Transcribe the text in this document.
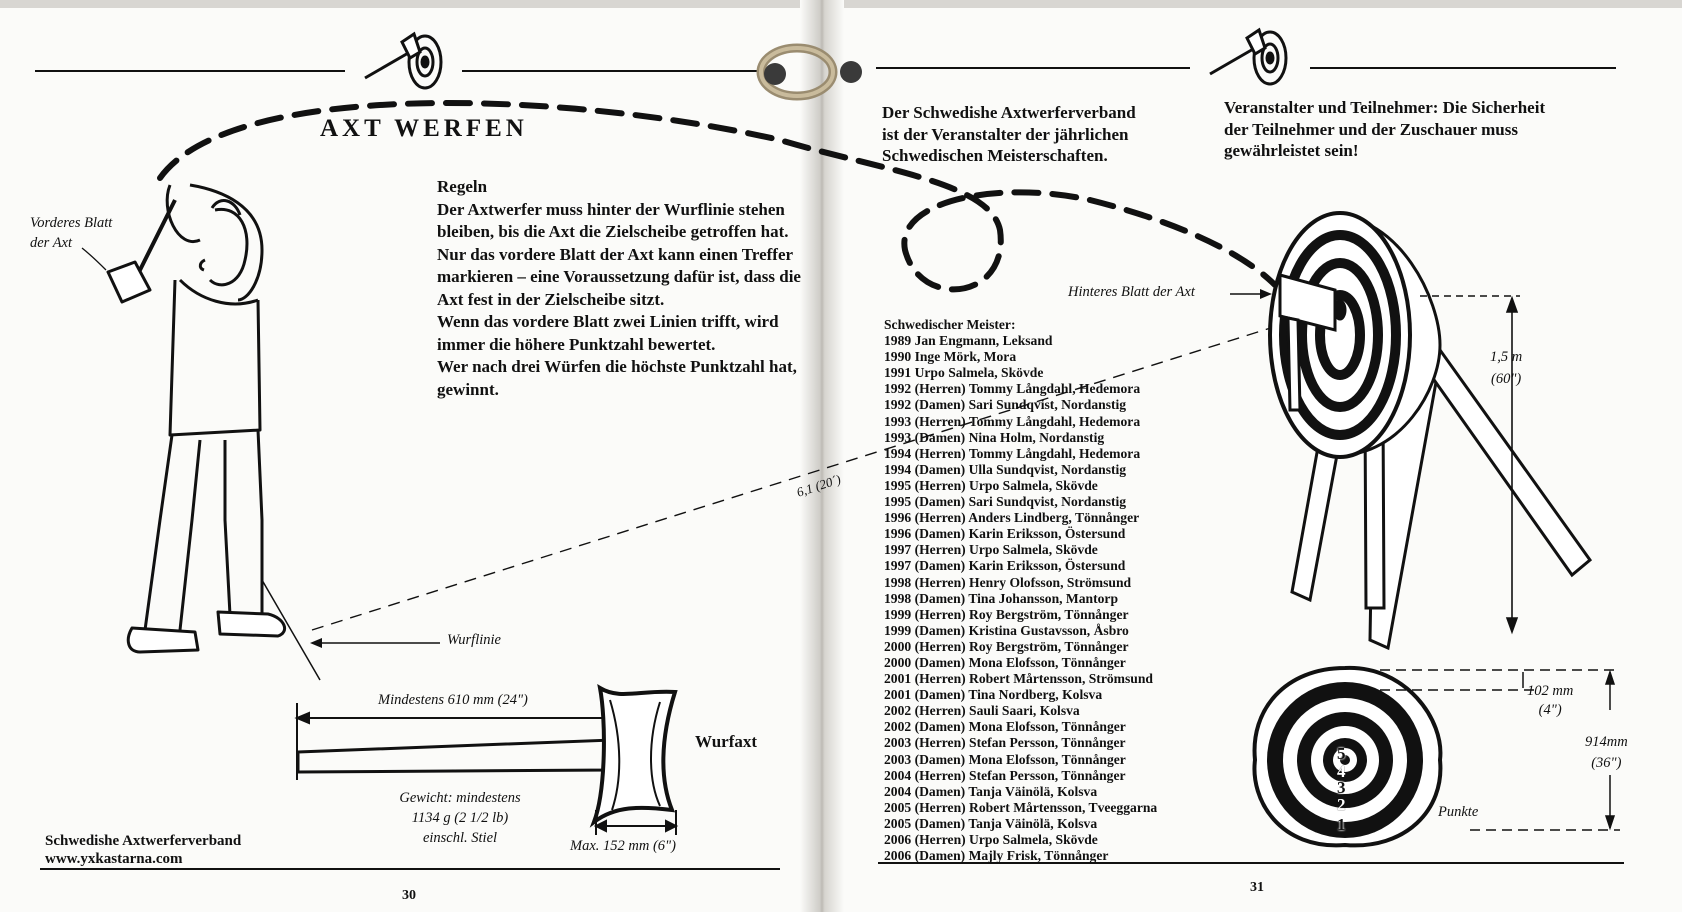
AXT WERFEN
Vorderes Blatt
der Axt
Regeln
Der Axtwerfer muss hinter der Wurflinie stehen bleiben, bis die Axt die Zielscheibe getroffen hat. Nur das vordere Blatt der Axt kann einen Treffer markieren – eine Voraussetzung dafür ist, dass die Axt fest in der Zielscheibe sitzt.
Wenn das vordere Blatt zwei Linien trifft, wird immer die höhere Punktzahl bewertet.
Wer nach drei Würfen die höchste Punktzahl hat, gewinnt.
6,1 (20´)
Wurflinie
Mindestens 610 mm (24")
Wurfaxt
Gewicht: mindestens
1134 g (2 1/2 lb)
einschl. Stiel	Max. 152 mm (6")
Schwedishe Axtwerferverband
www.yxkastarna.com
30
Der Schwedishe Axtwerferverband
ist der Veranstalter der jährlichen
Schwedischen Meisterschaften.
Veranstalter und Teilnehmer: Die Sicherheit
der Teilnehmer und der Zuschauer muss
gewährleistet sein!
Hinteres Blatt der Axt
Schwedischer Meister:
1989 Jan Engmann, Leksand
1990 Inge Mörk, Mora
1991 Urpo Salmela, Skövde
1992 (Herren) Tommy Långdahl, Hedemora
1992 (Damen) Sari Sundqvist, Nordanstig
1993 (Herren) Tommy Långdahl, Hedemora
1993 (Damen) Nina Holm, Nordanstig
1994 (Herren) Tommy Långdahl, Hedemora
1994 (Damen) Ulla Sundqvist, Nordanstig
1995 (Herren) Urpo Salmela, Skövde
1995 (Damen) Sari Sundqvist, Nordanstig
1996 (Herren) Anders Lindberg, Tönnånger
1996 (Damen) Karin Eriksson, Östersund
1997 (Herren) Urpo Salmela, Skövde
1997 (Damen) Karin Eriksson, Östersund
1998 (Herren) Henry Olofsson, Strömsund
1998 (Damen) Tina Johansson, Mantorp
1999 (Herren) Roy Bergström, Tönnånger
1999 (Damen) Kristina Gustavsson, Åsbro
2000 (Herren) Roy Bergström, Tönnånger
2000 (Damen) Mona Elofsson, Tönnånger
2001 (Herren) Robert Mårtensson, Strömsund
2001 (Damen) Tina Nordberg, Kolsva
2002 (Herren) Sauli Saari, Kolsva
2002 (Damen) Mona Elofsson, Tönnånger
2003 (Herren) Stefan Persson, Tönnånger
2003 (Damen) Mona Elofsson, Tönnånger
2004 (Herren) Stefan Persson, Tönnånger
2004 (Damen) Tanja Väinölä, Kolsva
2005 (Herren) Robert Mårtensson, Tveeggarna
2005 (Damen) Tanja Väinölä, Kolsva
2006 (Herren) Urpo Salmela, Skövde
2006 (Damen) Majly Frisk, Tönnånger
1,5 m
(60")
102 mm
(4")
914mm
(36")
Punkte
5
4
3
2
1
31
